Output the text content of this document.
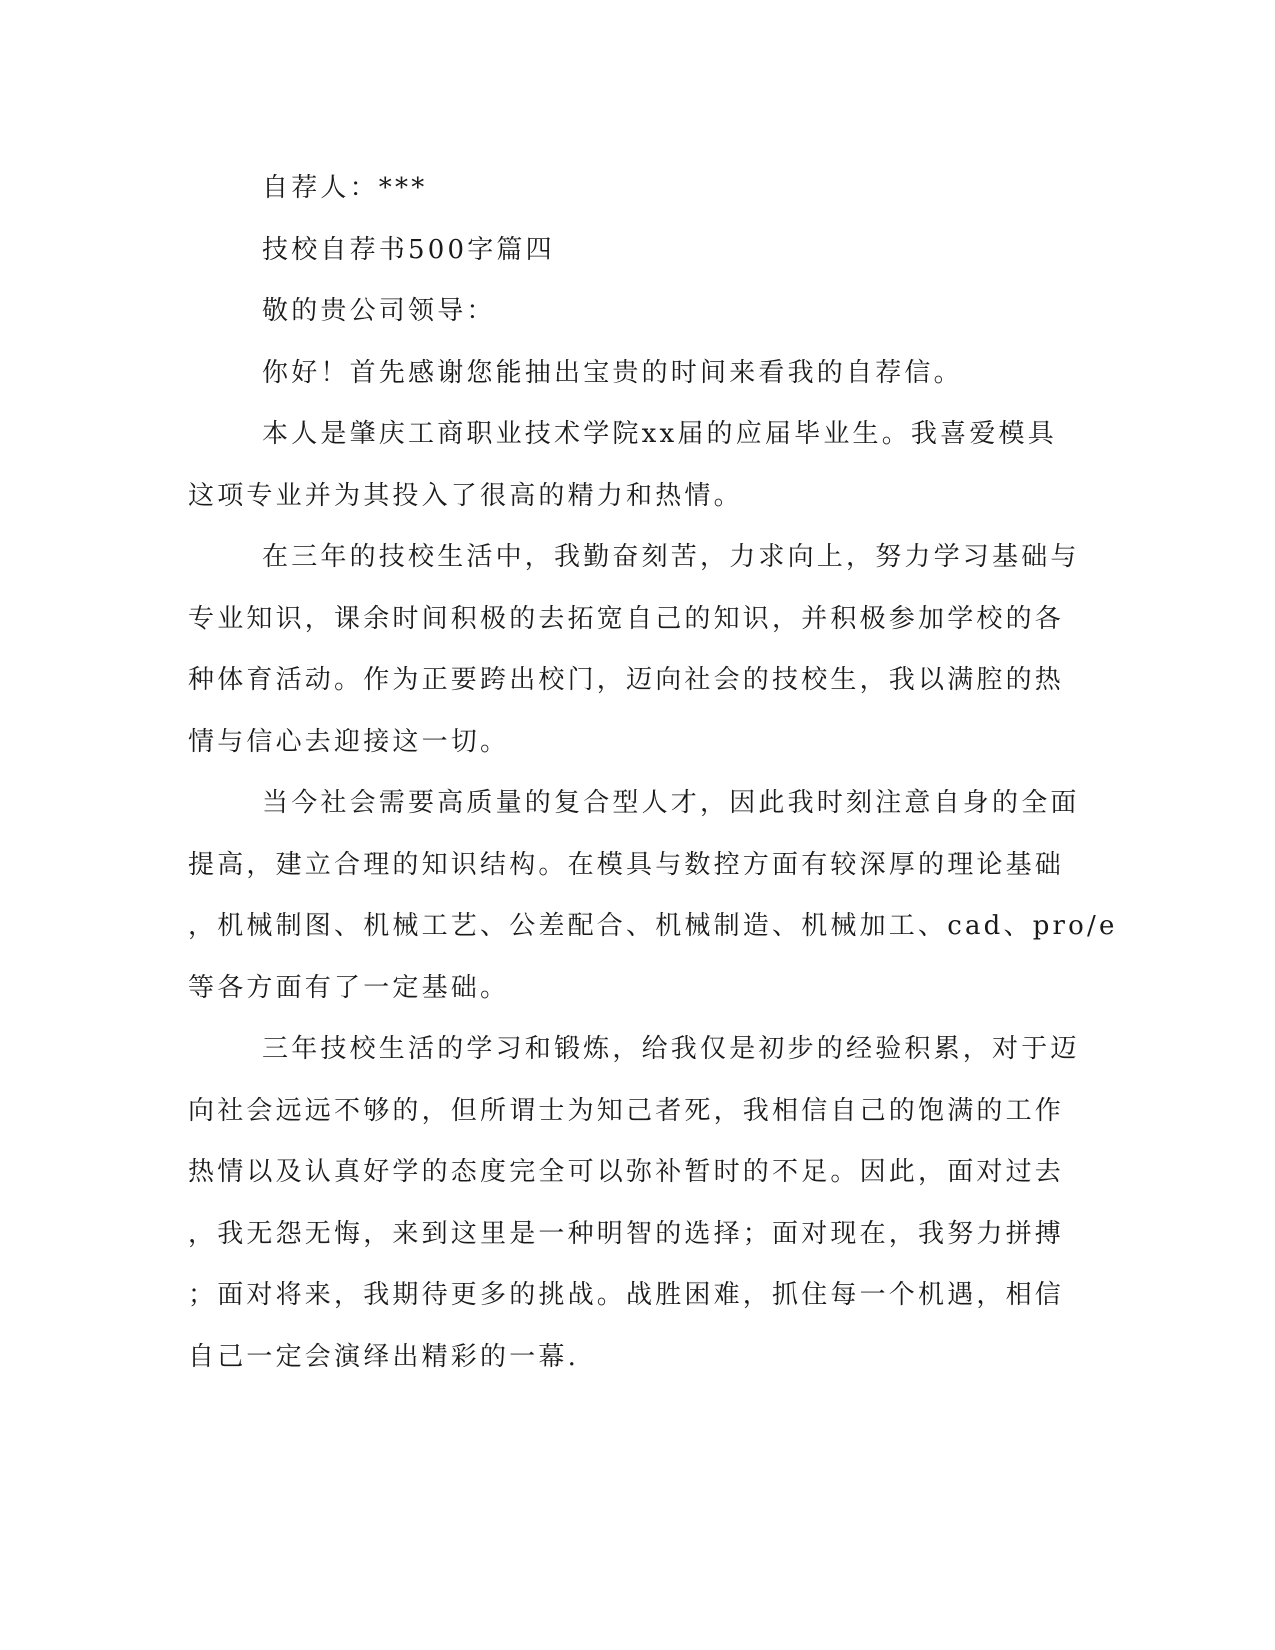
自荐人：***
技校自荐书500字篇四
敬的贵公司领导：
你好！首先感谢您能抽出宝贵的时间来看我的自荐信。
本人是肇庆工商职业技术学院xx届的应届毕业生。我喜爱模具
这项专业并为其投入了很高的精力和热情。
在三年的技校生活中，我勤奋刻苦，力求向上，努力学习基础与
专业知识，课余时间积极的去拓宽自己的知识，并积极参加学校的各
种体育活动。作为正要跨出校门，迈向社会的技校生，我以满腔的热
情与信心去迎接这一切。
当今社会需要高质量的复合型人才，因此我时刻注意自身的全面
提高，建立合理的知识结构。在模具与数控方面有较深厚的理论基础
，机械制图、机械工艺、公差配合、机械制造、机械加工、cad、pro/e
等各方面有了一定基础。
三年技校生活的学习和锻炼，给我仅是初步的经验积累，对于迈
向社会远远不够的，但所谓士为知己者死，我相信自己的饱满的工作
热情以及认真好学的态度完全可以弥补暂时的不足。因此，面对过去
，我无怨无悔，来到这里是一种明智的选择；面对现在，我努力拼搏
；面对将来，我期待更多的挑战。战胜困难，抓住每一个机遇，相信
自己一定会演绎出精彩的一幕.
